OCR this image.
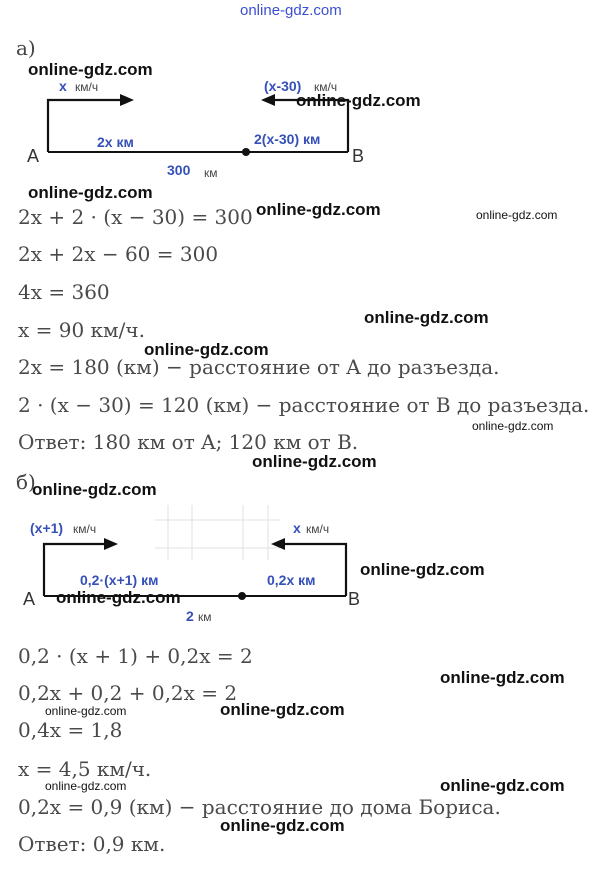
online-gdz.com
а)
x км/ч	(x-30) км/ч
2x км	2(x-30) км
300 км
A	B
2x + 2 · (x − 30) = 300
2x + 2x − 60 = 300
4x = 360
x = 90 км/ч.
2x = 180 (км) − расстояние от A до разъезда.
2 · (x − 30) = 120 (км) − расстояние от B до разъезда.
Ответ: 180 км от A; 120 км от B.
б)
(x+1) км/ч	x км/ч
0,2·(x+1) км	0,2x км
2 км
A	B
0,2 · (x + 1) + 0,2x = 2
0,2x + 0,2 + 0,2x = 2
0,4x = 1,8
x = 4,5 км/ч.
0,2x = 0,9 (км) − расстояние до дома Бориса.
Ответ: 0,9 км.
online-gdz.com
online-gdz.com
online-gdz.com
online-gdz.com	online-gdz.com
online-gdz.com
online-gdz.com
online-gdz.com
online-gdz.com
online-gdz.com
online-gdz.com
online-gdz.com
online-gdz.com
online-gdz.com	online-gdz.com
online-gdz.com	online-gdz.com
online-gdz.com
